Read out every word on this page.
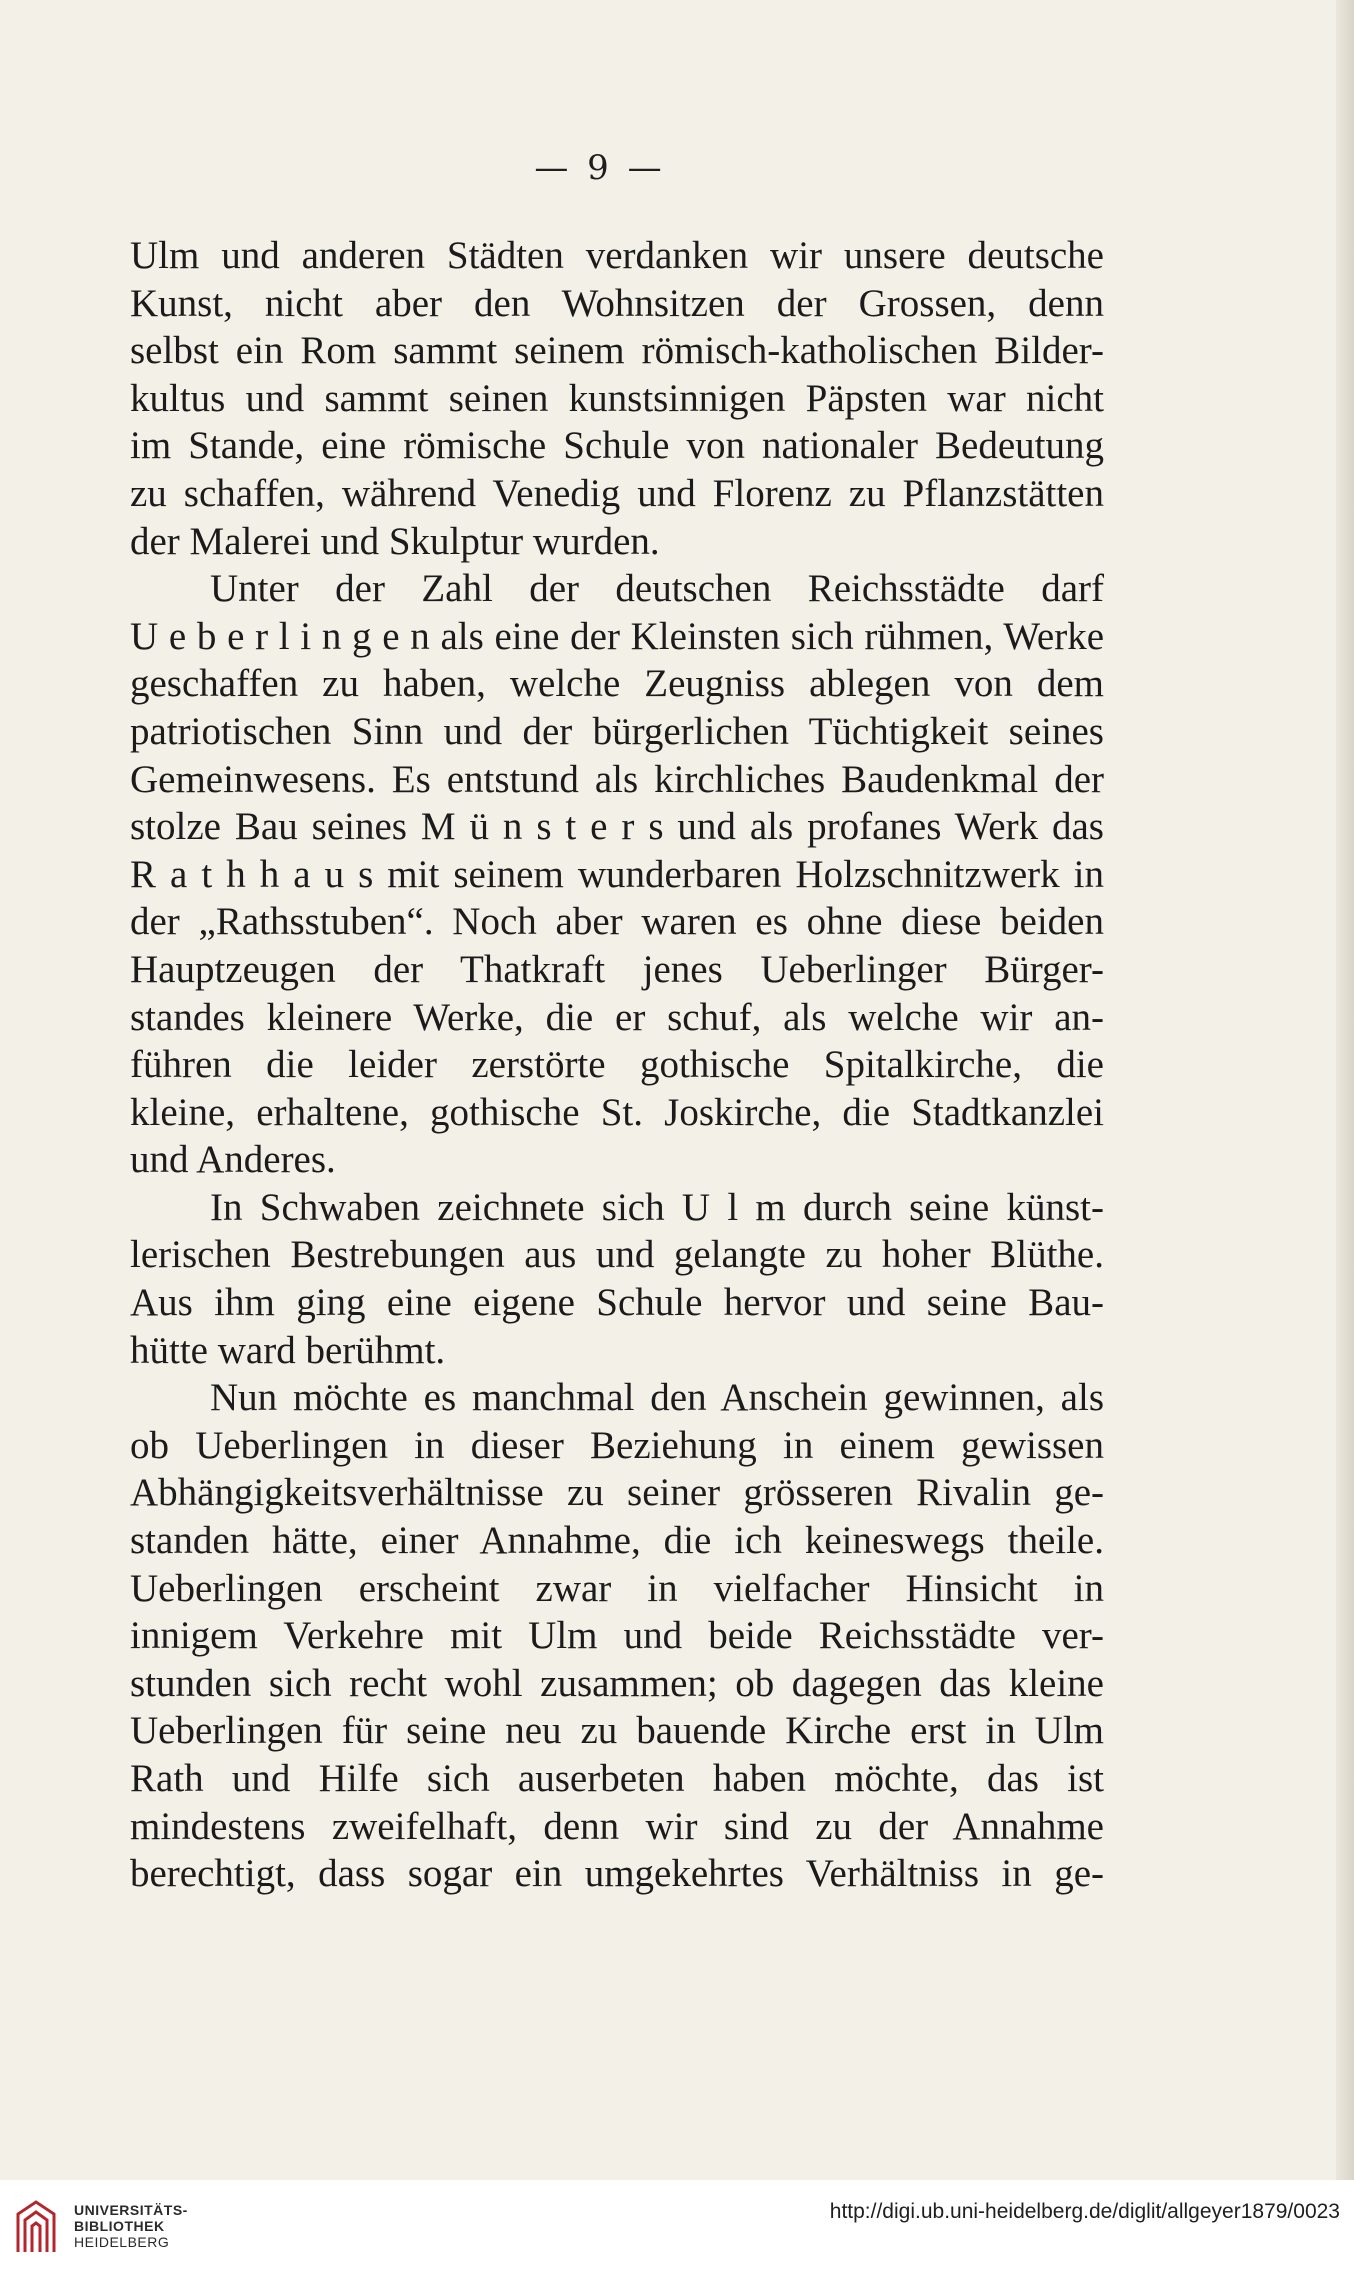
— 9 —
Ulm und anderen Städten verdanken wir unsere deutsche
Kunst, nicht aber den Wohnsitzen der Grossen, denn
selbst ein Rom sammt seinem römisch-katholischen Bilder-
kultus und sammt seinen kunstsinnigen Päpsten war nicht
im Stande, eine römische Schule von nationaler Bedeutung
zu schaffen, während Venedig und Florenz zu Pflanzstätten
der Malerei und Skulptur wurden.
Unter der Zahl der deutschen Reichsstädte darf
U e b e r l i n g e n als eine der Kleinsten sich rühmen, Werke
geschaffen zu haben, welche Zeugniss ablegen von dem
patriotischen Sinn und der bürgerlichen Tüchtigkeit seines
Gemeinwesens. Es entstund als kirchliches Baudenkmal der
stolze Bau seines M ü n s t e r s und als profanes Werk das
R a t h h a u s mit seinem wunderbaren Holzschnitzwerk in
der „Rathsstuben“. Noch aber waren es ohne diese beiden
Hauptzeugen der Thatkraft jenes Ueberlinger Bürger-
standes kleinere Werke, die er schuf, als welche wir an-
führen die leider zerstörte gothische Spitalkirche, die
kleine, erhaltene, gothische St. Joskirche, die Stadtkanzlei
und Anderes.
In Schwaben zeichnete sich U l m durch seine künst-
lerischen Bestrebungen aus und gelangte zu hoher Blüthe.
Aus ihm ging eine eigene Schule hervor und seine Bau-
hütte ward berühmt.
Nun möchte es manchmal den Anschein gewinnen, als
ob Ueberlingen in dieser Beziehung in einem gewissen
Abhängigkeitsverhältnisse zu seiner grösseren Rivalin ge-
standen hätte, einer Annahme, die ich keineswegs theile.
Ueberlingen erscheint zwar in vielfacher Hinsicht in
innigem Verkehre mit Ulm und beide Reichsstädte ver-
stunden sich recht wohl zusammen; ob dagegen das kleine
Ueberlingen für seine neu zu bauende Kirche erst in Ulm
Rath und Hilfe sich auserbeten haben möchte, das ist
mindestens zweifelhaft, denn wir sind zu der Annahme
berechtigt, dass sogar ein umgekehrtes Verhältniss in ge-
UNIVERSITÄTS-
BIBLIOTHEK
HEIDELBERG
http://digi.ub.uni-heidelberg.de/diglit/allgeyer1879/0023
